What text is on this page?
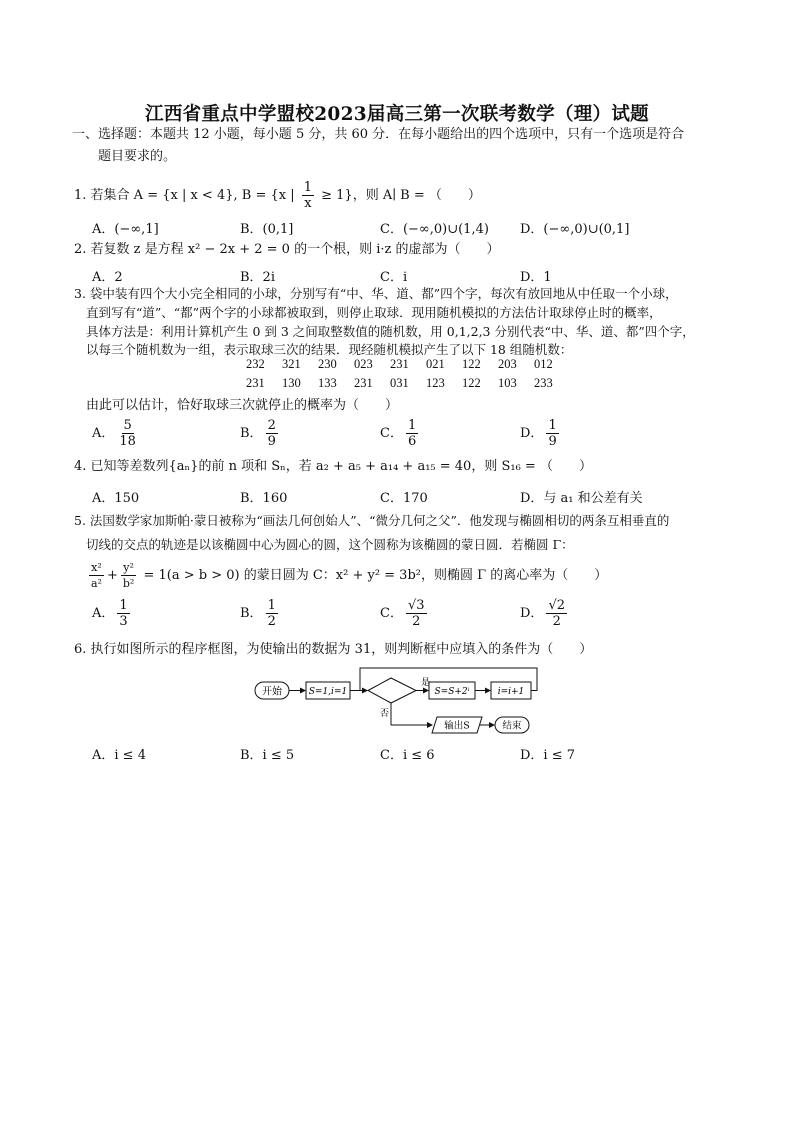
江西省重点中学盟校2023届高三第一次联考数学（理）试题
一、选择题：本题共 12 小题，每小题 5 分，共 60 分．在每小题给出的四个选项中，只有一个选项是符合
题目要求的。
1. 若集合 A = {x | x < 4}, B = {x | $\frac{1}{x} \ge 1$}，则 A∣ B = （　　）
A．(−∞,1]	B．(0,1]	C．(−∞,0)∪(1,4) D．(−∞,0)∪(0,1]
2. 若复数 z 是方程 x² − 2x + 2 = 0 的一个根，则 i·z 的虚部为（　　）
A．2	B．2i	C．i	D．1
3. 袋中装有四个大小完全相同的小球，分别写有“中、华、道、都”四个字，每次有放回地从中任取一个小球，
直到写有“道”、“都”两个字的小球都被取到，则停止取球．现用随机模拟的方法估计取球停止时的概率，
具体方法是：利用计算机产生 0 到 3 之间取整数值的随机数，用 0,1,2,3 分别代表“中、华、道、都”四个字，
以每三个随机数为一组，表示取球三次的结果．现经随机模拟产生了以下 18 组随机数：
232 321 230 023 231 021 122 203 012
231 130 133 231 031 123 122 103 233
由此可以估计，恰好取球三次就停止的概率为（　　）
A． $\frac{5}{18}$	B． $\frac{2}{9}$	C． $\frac{1}{6}$	D． $\frac{1}{9}$
4. 已知等差数列{aₙ}的前 n 项和 Sₙ，若 a₂ + a₅ + a₁₄ + a₁₅ = 40，则 S₁₆ = （　　）
A．150	B．160	C．170	D．与 a₁ 和公差有关
5. 法国数学家加斯帕·蒙日被称为“画法几何创始人”、“微分几何之父”．他发现与椭圆相切的两条互相垂直的
切线的交点的轨迹是以该椭圆中心为圆心的圆，这个圆称为该椭圆的蒙日圆．若椭圆 Γ：
$\frac{\text{x²}}{\text{a²}} + \frac{\text{y²}}{\text{b²}} = 1(a > b > 0)$ 的蒙日圆为 C：x² + y² = 3b²，则椭圆 Γ 的离心率为（　　）
A． $\frac{1}{3}$	B． $\frac{1}{2}$	C． $\frac{√3}{2}$	D． $\frac{√2}{2}$
6. 执行如图所示的程序框图，为使输出的数据为 31，则判断框中应填入的条件为（　　）
开始	S=1,i=1
是
S=S+2ⁱ	i=i+1
否
输出S	结束
A．i ≤ 4	B．i ≤ 5	C．i ≤ 6	D．i ≤ 7
